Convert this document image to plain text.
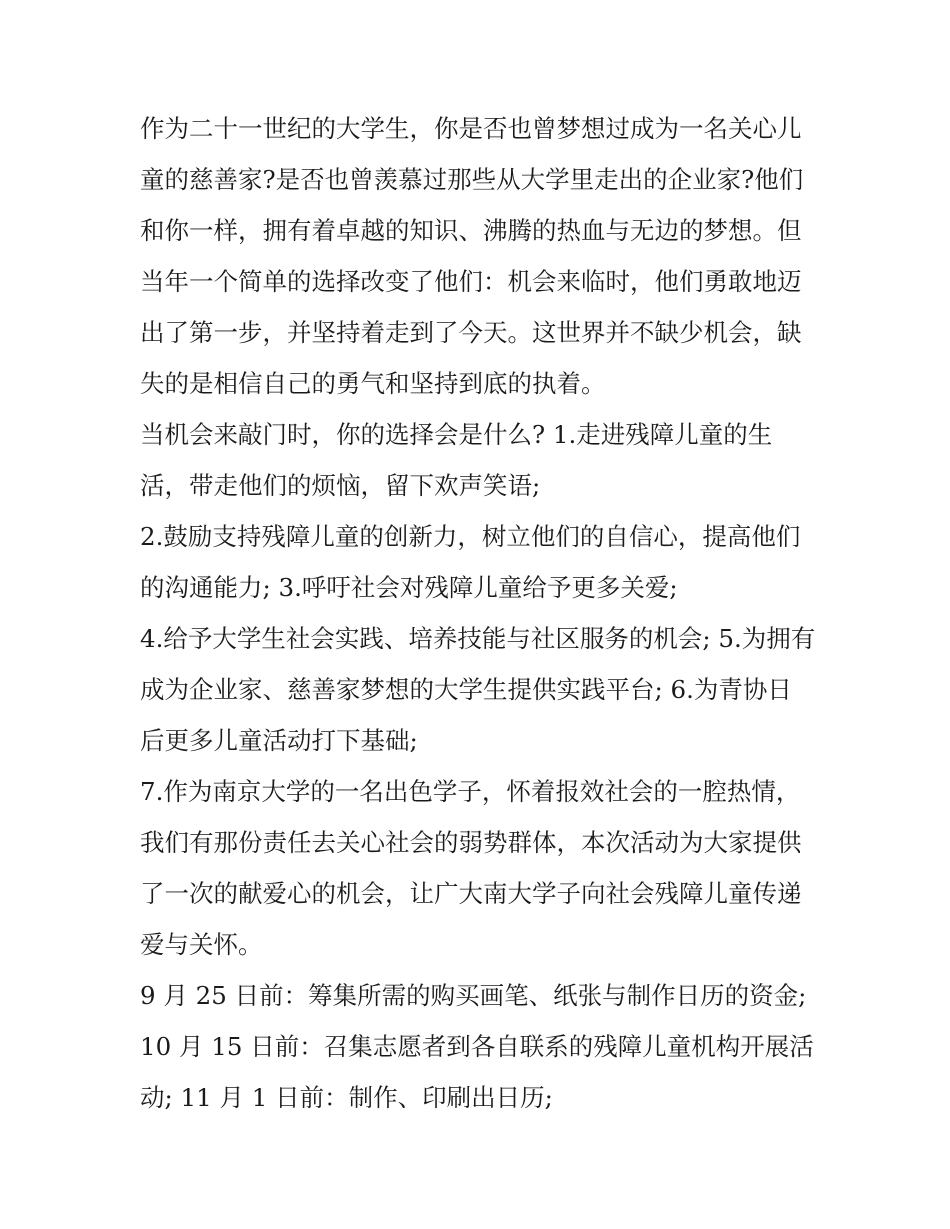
作为二十一世纪的大学生，你是否也曾梦想过成为一名关心儿童的慈善家?是否也曾羡慕过那些从大学里走出的企业家?他们和你一样，拥有着卓越的知识、沸腾的热血与无边的梦想。但当年一个简单的选择改变了他们：机会来临时，他们勇敢地迈出了第一步，并坚持着走到了今天。这世界并不缺少机会，缺失的是相信自己的勇气和坚持到底的执着。

当机会来敲门时，你的选择会是什么? 1.走进残障儿童的生活，带走他们的烦恼，留下欢声笑语;

2.鼓励支持残障儿童的创新力，树立他们的自信心，提高他们的沟通能力; 3.呼吁社会对残障儿童给予更多关爱;

4.给予大学生社会实践、培养技能与社区服务的机会; 5.为拥有成为企业家、慈善家梦想的大学生提供实践平台; 6.为青协日后更多儿童活动打下基础;

7.作为南京大学的一名出色学子，怀着报效社会的一腔热情，我们有那份责任去关心社会的弱势群体，本次活动为大家提供了一次的献爱心的机会，让广大南大学子向社会残障儿童传递爱与关怀。

9 月 25 日前：筹集所需的购买画笔、纸张与制作日历的资金;

10 月 15 日前：召集志愿者到各自联系的残障儿童机构开展活动; 11 月 1 日前：制作、印刷出日历;
